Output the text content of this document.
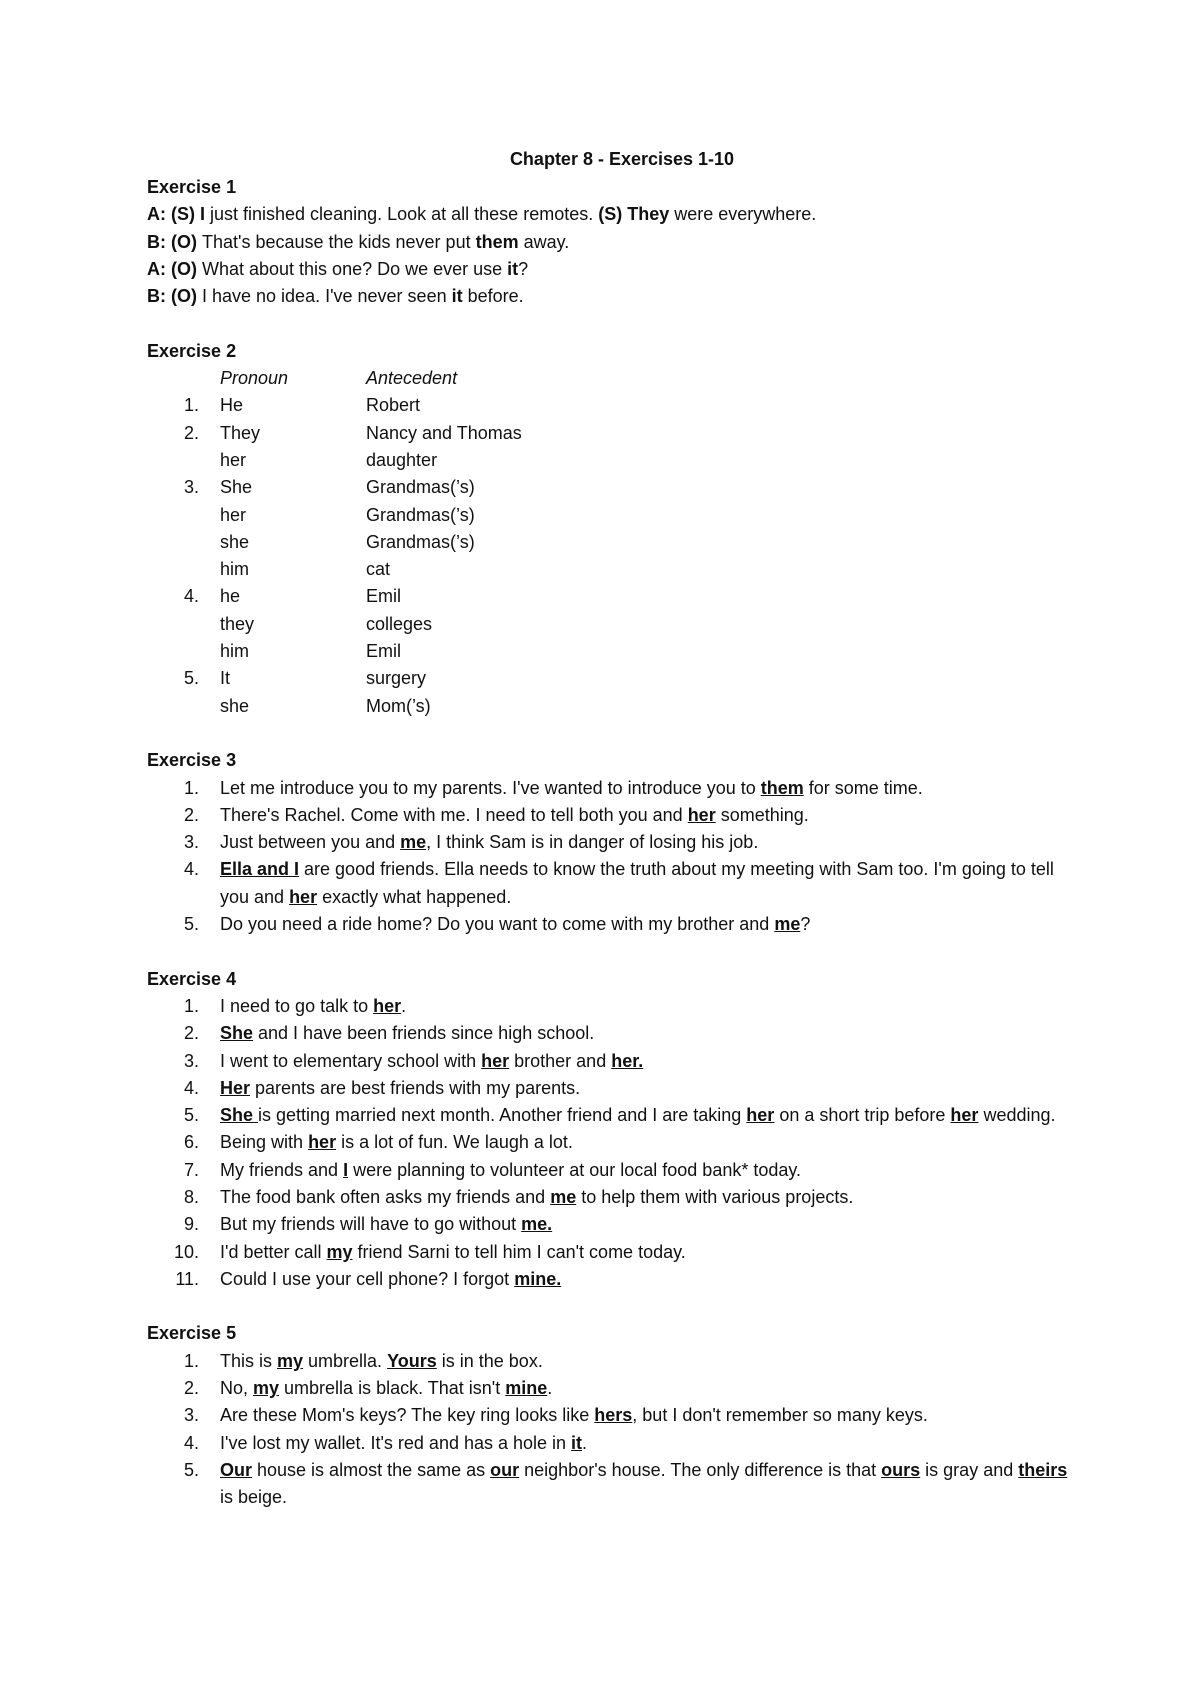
Chapter 8 - Exercises 1-10
Exercise 1
A: (S) I just finished cleaning. Look at all these remotes. (S) They were everywhere.
B: (O) That's because the kids never put them away.
A: (O) What about this one? Do we ever use it?
B: (O) I have no idea. I've never seen it before.
Exercise 2
Pronoun	Antecedent
1. He	Robert
2. They	Nancy and Thomas
her	daughter
3. She	Grandmas(’s)
her	Grandmas(’s)
she	Grandmas(’s)
him	cat
4. he	Emil
they	colleges
him	Emil
5. It	surgery
she	Mom(’s)
Exercise 3
1. Let me introduce you to my parents. I've wanted to introduce you to them for some time.
2. There's Rachel. Come with me. I need to tell both you and her something.
3. Just between you and me, I think Sam is in danger of losing his job.
4. Ella and I are good friends. Ella needs to know the truth about my meeting with Sam too. I'm going to tell you and her exactly what happened.
5. Do you need a ride home? Do you want to come with my brother and me?
Exercise 4
1. I need to go talk to her.
2. She and I have been friends since high school.
3. I went to elementary school with her brother and her.
4. Her parents are best friends with my parents.
5. She is getting married next month. Another friend and I are taking her on a short trip before her wedding.
6. Being with her is a lot of fun. We laugh a lot.
7. My friends and I were planning to volunteer at our local food bank* today.
8. The food bank often asks my friends and me to help them with various projects.
9. But my friends will have to go without me.
10. I'd better call my friend Sarni to tell him I can't come today.
11. Could I use your cell phone? I forgot mine.
Exercise 5
1. This is my umbrella. Yours is in the box.
2. No, my umbrella is black. That isn't mine.
3. Are these Mom's keys? The key ring looks like hers, but I don't remember so many keys.
4. I've lost my wallet. It's red and has a hole in it.
5. Our house is almost the same as our neighbor's house. The only difference is that ours is gray and theirs is beige.
